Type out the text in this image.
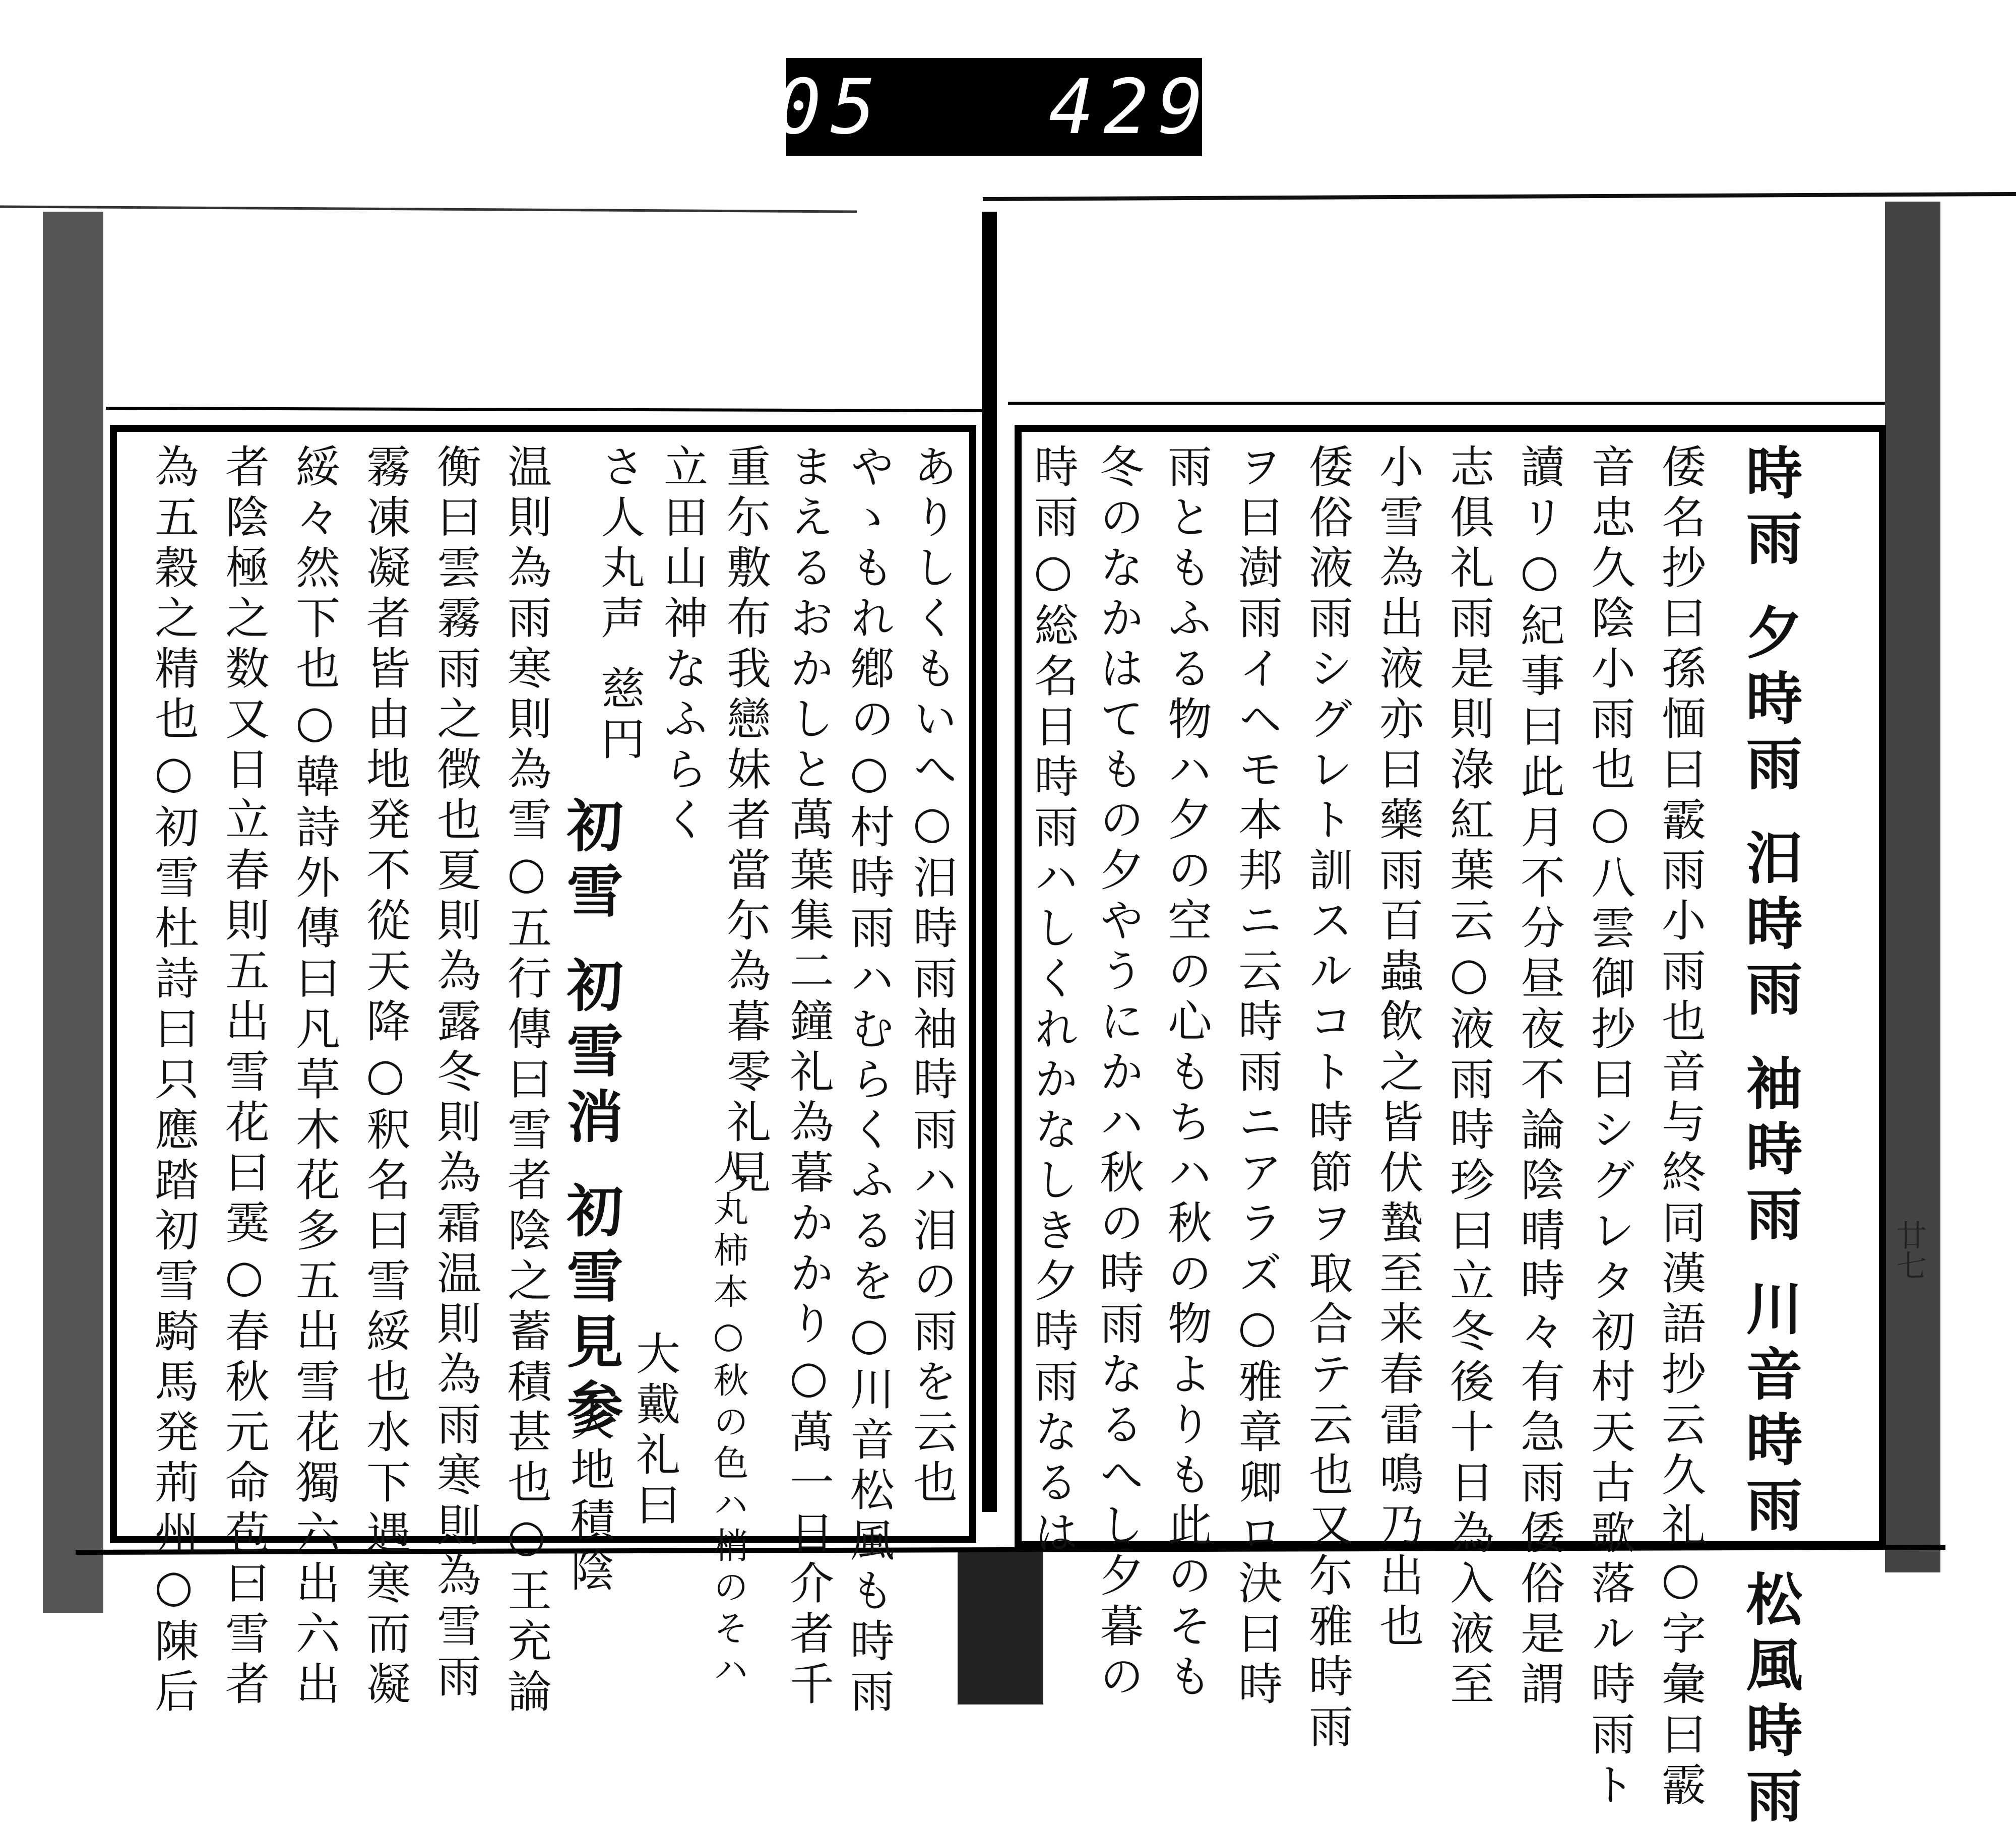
305
429.
廿七
時雨 夕時雨 汨時雨 袖時雨 川音時雨 松風時雨
倭名抄曰孫愐曰霰雨小雨也音与終同漢語抄云久礼○字彙曰霰
音忠久陰小雨也○八雲御抄曰シグレタ初村天古歌落ル時雨ト
讀リ○紀事曰此月不分昼夜不論陰晴時々有急雨倭俗是謂
志俱礼雨是則淥紅葉云○液雨時珍曰立冬後十日為入液至
小雪為出液亦曰藥雨百蟲飲之皆伏蟄至来春雷鳴乃出也
倭俗液雨シグレト訓スルコト時節ヲ取合テ云也又尓雅時雨
ヲ曰澍雨イヘモ本邦ニ云時雨ニアラズ○雅章卿ロ決曰時
雨ともふる物ハ夕の空の心もちハ秋の物よりも此のそも
冬のなかはてもの夕やうにかハ秋の時雨なるへし夕暮の
時雨○総名日時雨ハしくれかなしき夕時雨なるは
ありしくもいへ○汨時雨袖時雨ハ泪の雨を云也
やゝもれ鄕の○村時雨ハむらくふるを○川音松風も時雨
まえるおかしと萬葉集二鐘礼為暮かかり○萬一日介者千
重尓敷布我戀妹者當尓為暮零礼見
人丸柿本○秋の色ハ梢のそハ
立田山神なふらく
さ人丸声 慈円
初雪 初雪消 初雪見参 大戴礼曰
天地積陰
温則為雨寒則為雪○五行傳曰雪者陰之蓄積甚也○王充論
衡曰雲霧雨之徴也夏則為露冬則為霜温則為雨寒則為雪雨
霧凍凝者皆由地発不從天降○釈名曰雪綏也水下遇寒而凝
綏々然下也○韓詩外傳曰凡草木花多五出雪花獨六出六出
者陰極之数又日立春則五出雪花曰霙○春秋元命苞曰雪者
為五穀之精也○初雪杜詩曰只應踏初雪騎馬発荊州○陳后
